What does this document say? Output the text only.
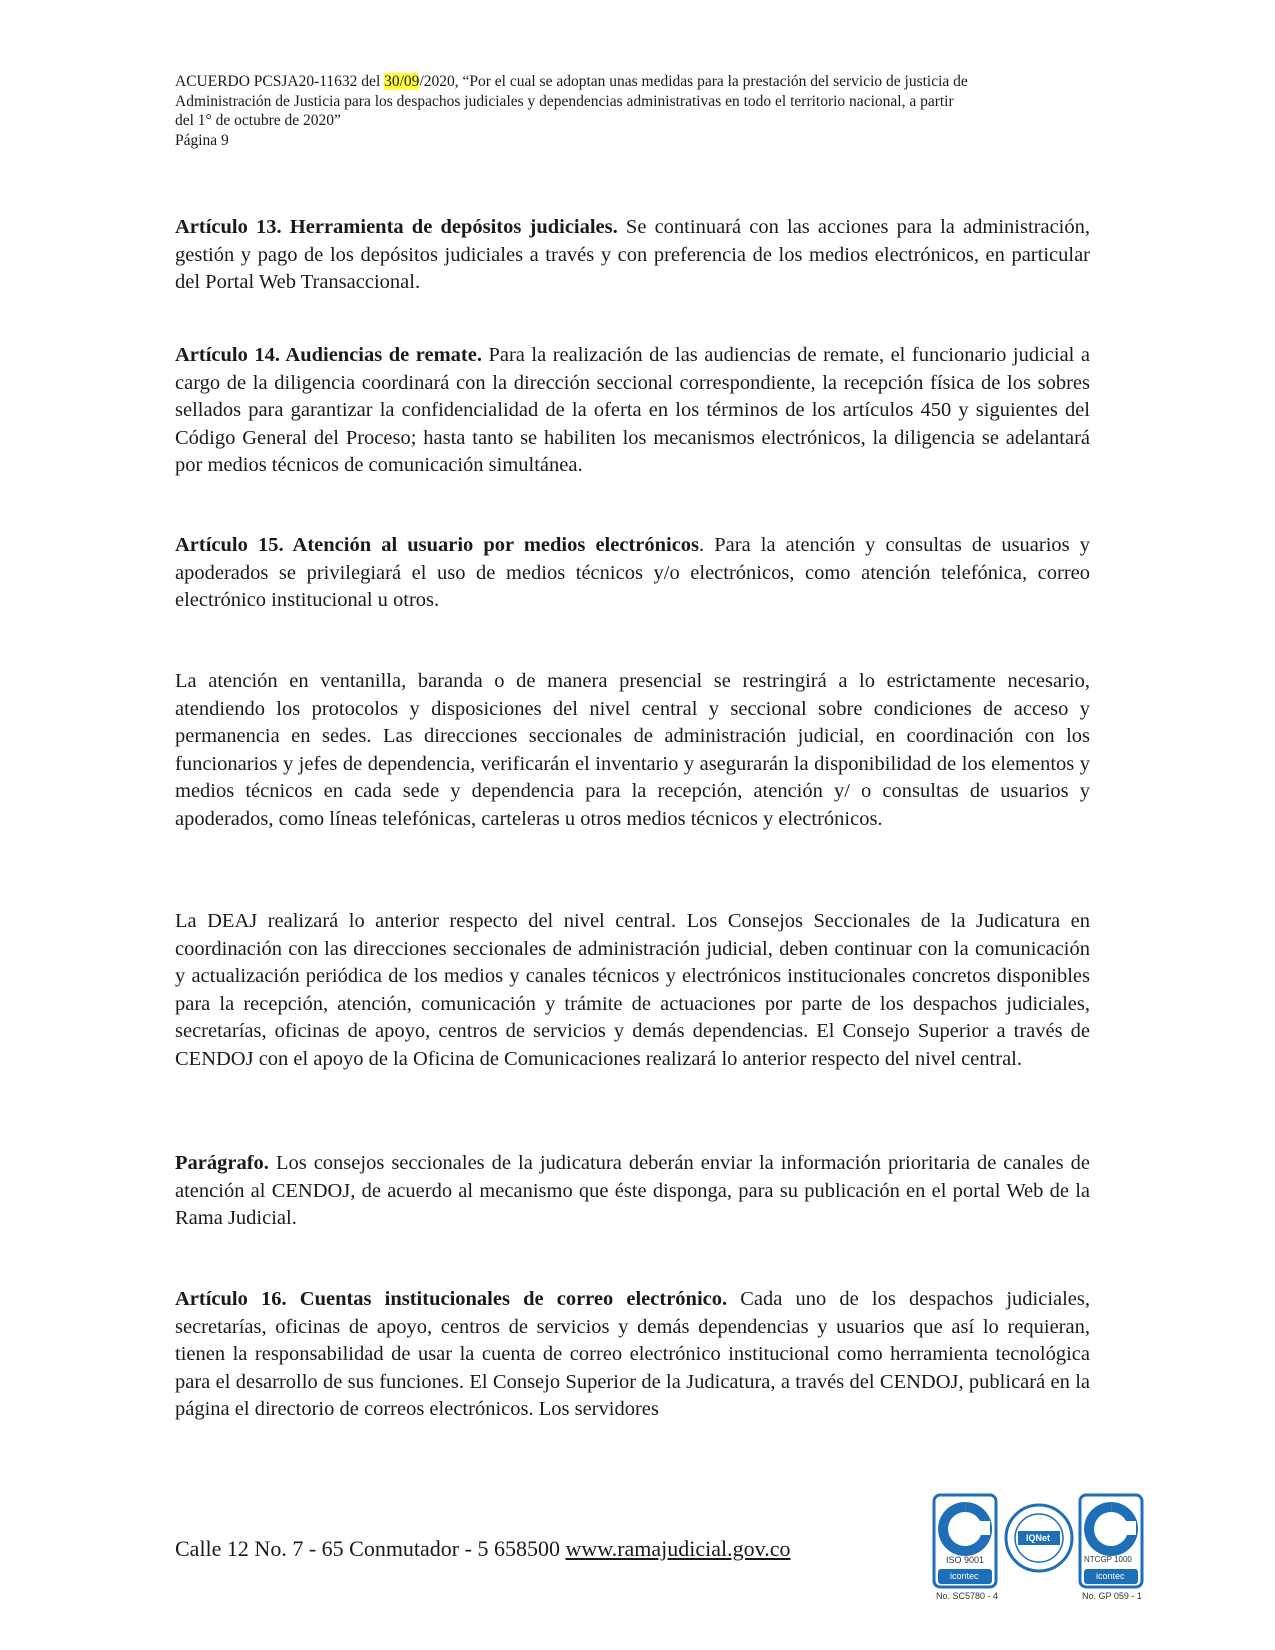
ACUERDO PCSJA20-11632 del 30/09/2020, “Por el cual se adoptan unas medidas para la prestación del servicio de justicia de

Administración de Justicia para los despachos judiciales y dependencias administrativas en todo el territorio nacional, a partir

del 1° de octubre de 2020”

Página 9

Artículo 13. Herramienta de depósitos judiciales. Se continuará con las acciones para la administración, gestión y pago de los depósitos judiciales a través y con preferencia de los medios electrónicos, en particular del Portal Web Transaccional.

Artículo 14. Audiencias de remate. Para la realización de las audiencias de remate, el funcionario judicial a cargo de la diligencia coordinará con la dirección seccional correspondiente, la recepción física de los sobres sellados para garantizar la confidencialidad de la oferta en los términos de los artículos 450 y siguientes del Código General del Proceso; hasta tanto se habiliten los mecanismos electrónicos, la diligencia se adelantará por medios técnicos de comunicación simultánea.

Artículo 15. Atención al usuario por medios electrónicos. Para la atención y consultas de usuarios y apoderados se privilegiará el uso de medios técnicos y/o electrónicos, como atención telefónica, correo electrónico institucional u otros.

La atención en ventanilla, baranda o de manera presencial se restringirá a lo estrictamente necesario, atendiendo los protocolos y disposiciones del nivel central y seccional sobre condiciones de acceso y permanencia en sedes. Las direcciones seccionales de administración judicial, en coordinación con los funcionarios y jefes de dependencia, verificarán el inventario y asegurarán la disponibilidad de los elementos y medios técnicos en cada sede y dependencia para la recepción, atención y/ o consultas de usuarios y apoderados, como líneas telefónicas, carteleras u otros medios técnicos y electrónicos.

La DEAJ realizará lo anterior respecto del nivel central. Los Consejos Seccionales de la Judicatura en coordinación con las direcciones seccionales de administración judicial, deben continuar con la comunicación y actualización periódica de los medios y canales técnicos y electrónicos institucionales concretos disponibles para la recepción, atención, comunicación y trámite de actuaciones por parte de los despachos judiciales, secretarías, oficinas de apoyo, centros de servicios y demás dependencias. El Consejo Superior a través de CENDOJ con el apoyo de la Oficina de Comunicaciones realizará lo anterior respecto del nivel central.

Parágrafo. Los consejos seccionales de la judicatura deberán enviar la información prioritaria de canales de atención al CENDOJ, de acuerdo al mecanismo que éste disponga, para su publicación en el portal Web de la Rama Judicial.

Artículo 16. Cuentas institucionales de correo electrónico. Cada uno de los despachos judiciales, secretarías, oficinas de apoyo, centros de servicios y demás dependencias y usuarios que así lo requieran, tienen la responsabilidad de usar la cuenta de correo electrónico institucional como herramienta tecnológica para el desarrollo de sus funciones. El Consejo Superior de la Judicatura, a través del CENDOJ, publicará en la página el directorio de correos electrónicos. Los servidores

Calle 12 No. 7 - 65 Conmutador - 5 658500 www.ramajudicial.gov.co	ISO 9001
icontec
No. SC5780 - 4
IQNet
NTCGP 1000
icontec
No. GP 059 - 1
